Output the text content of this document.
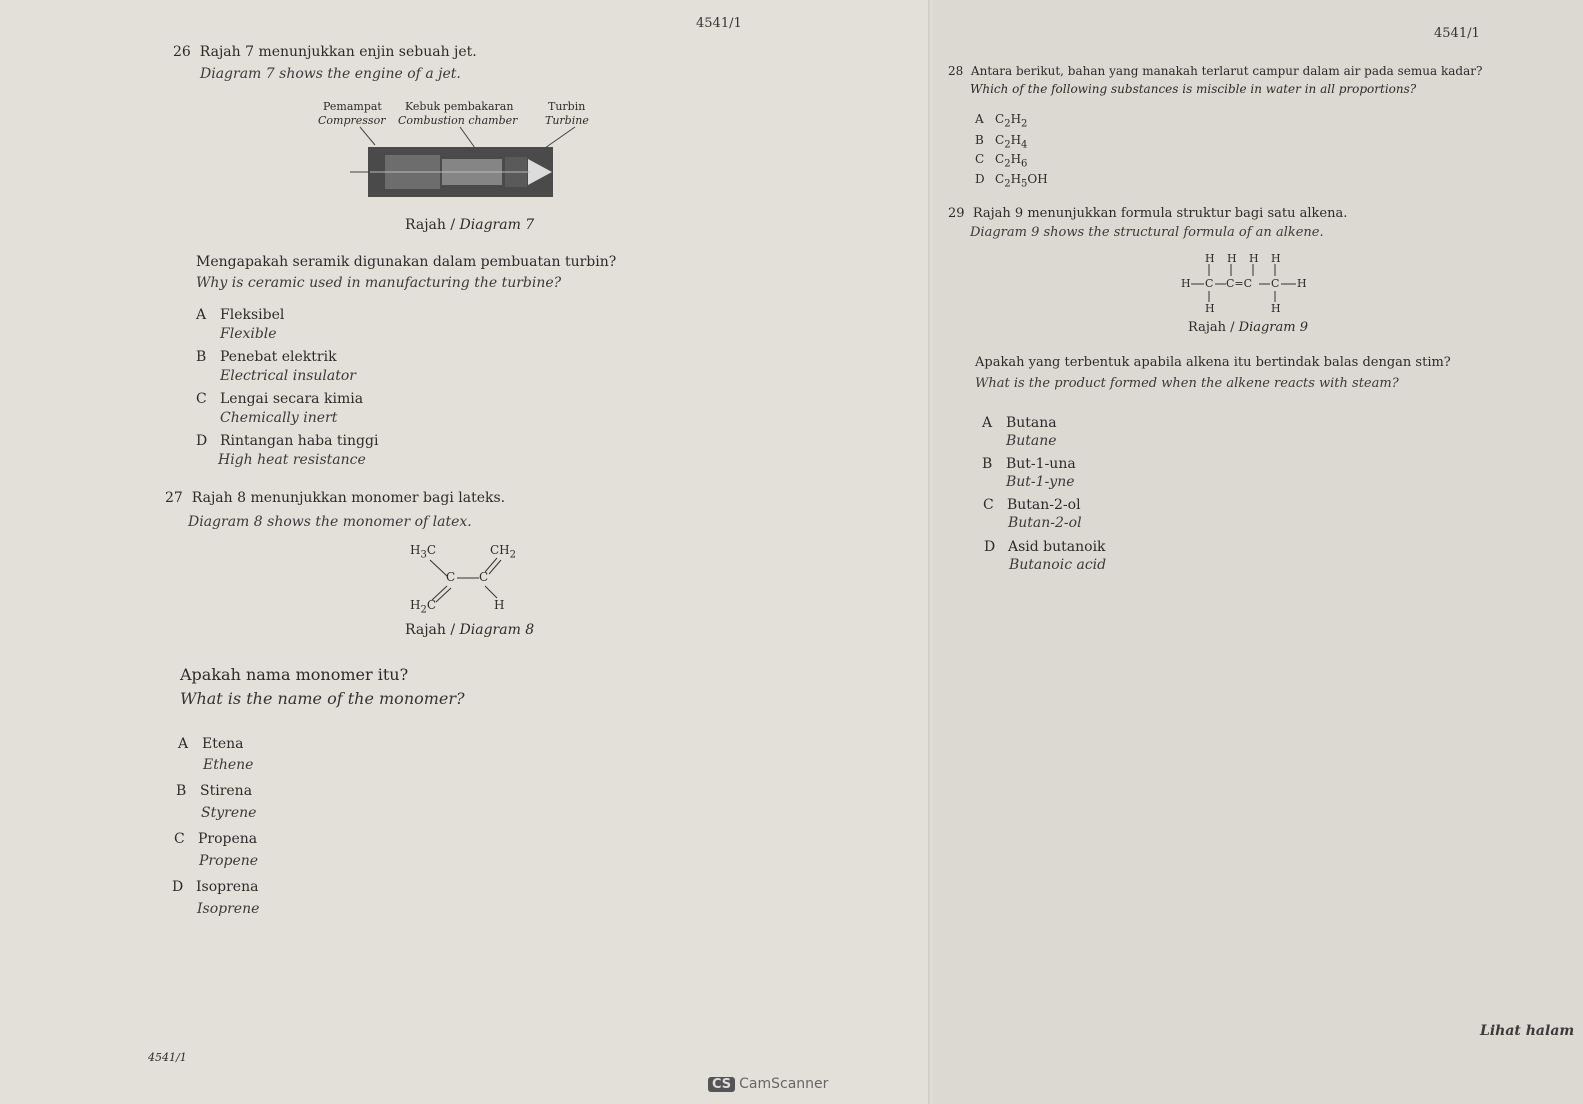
4541/1
26 Rajah 7 menunjukkan enjin sebuah jet.
Diagram 7 shows the engine of a jet.
Pemampat
Compressor
Kebuk pembakaran
Combustion chamber
Turbin
Turbine
Rajah / Diagram 7
Mengapakah seramik digunakan dalam pembuatan turbin?
Why is ceramic used in manufacturing the turbine?
A Fleksibel
Flexible
B Penebat elektrik
Electrical insulator
C Lengai secara kimia
Chemically inert
D Rintangan haba tinggi
High heat resistance
27 Rajah 8 menunjukkan monomer bagi lateks.
Diagram 8 shows the monomer of latex.
$H_3C$	$CH_2$
C C
$H_2C$	H
Rajah / Diagram 8
Apakah nama monomer itu?
What is the name of the monomer?
A Etena
Ethene
B Stirena
Styrene
C Propena
Propene
D Isoprena
Isoprene
4541/1
4541/1
28 Antara berikut, bahan yang manakah terlarut campur dalam air pada semua kadar?
Which of the following substances is miscible in water in all proportions?
A $C_2H_2$
B $C_2H_4$
C $C_2H_6$
D $C_2H_5OH$
29 Rajah 9 menunjukkan formula struktur bagi satu alkena.
Diagram 9 shows the structural formula of an alkene.
H H H H
H C C=C C H
H	H
Rajah / Diagram 9
Apakah yang terbentuk apabila alkena itu bertindak balas dengan stim?
What is the product formed when the alkene reacts with steam?
A Butana
Butane
B But-1-una
But-1-yne
C Butan-2-ol
Butan-2-ol
D Asid butanoik
Butanoic acid
Lihat halam
CS CamScanner
